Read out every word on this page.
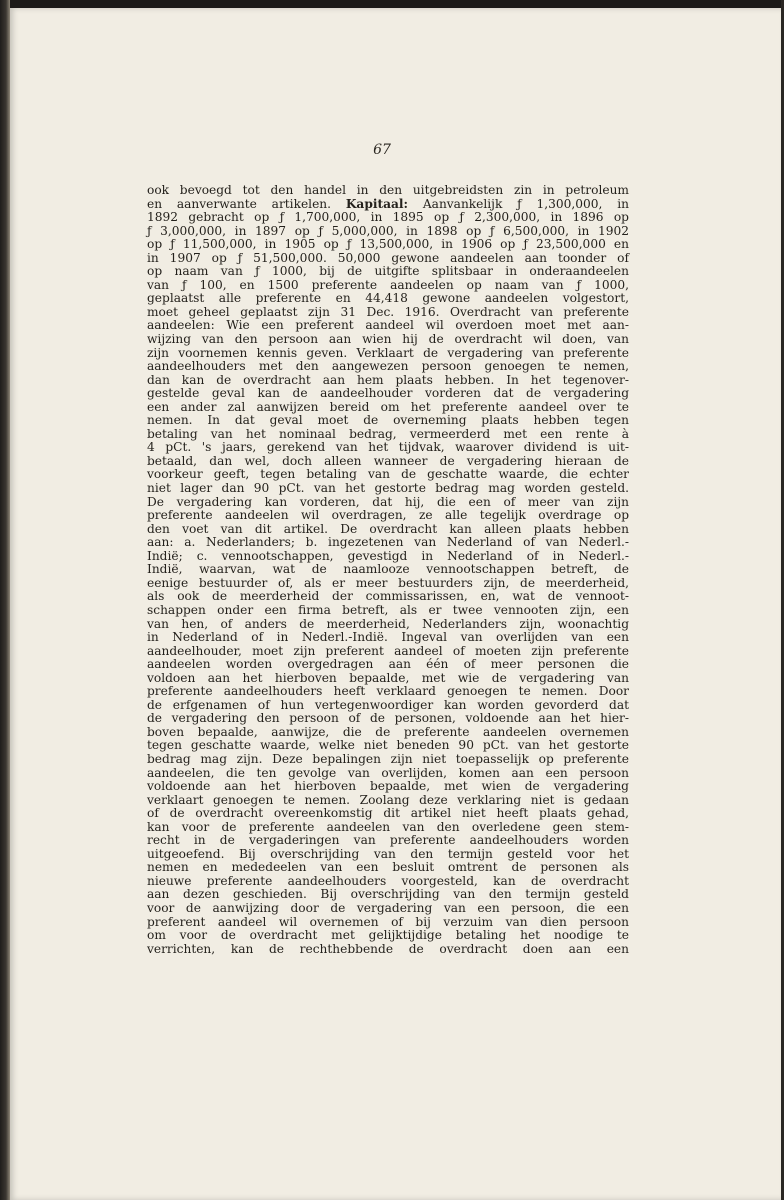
67
ook bevoegd tot den handel in den uitgebreidsten zin in petroleum
en aanverwante artikelen. Kapitaal: Aanvankelijk ƒ 1,300,000, in
1892 gebracht op ƒ 1,700,000, in 1895 op ƒ 2,300,000, in 1896 op
ƒ 3,000,000, in 1897 op ƒ 5,000,000, in 1898 op ƒ 6,500,000, in 1902
op ƒ 11,500,000, in 1905 op ƒ 13,500,000, in 1906 op ƒ 23,500,000 en
in 1907 op ƒ 51,500,000. 50,000 gewone aandeelen aan toonder of
op naam van ƒ 1000, bij de uitgifte splitsbaar in onderaandeelen
van ƒ 100, en 1500 preferente aandeelen op naam van ƒ 1000,
geplaatst alle preferente en 44,418 gewone aandeelen volgestort,
moet geheel geplaatst zijn 31 Dec. 1916. Overdracht van preferente
aandeelen: Wie een preferent aandeel wil overdoen moet met aan-
wijzing van den persoon aan wien hij de overdracht wil doen, van
zijn voornemen kennis geven. Verklaart de vergadering van preferente
aandeelhouders met den aangewezen persoon genoegen te nemen,
dan kan de overdracht aan hem plaats hebben. In het tegenover-
gestelde geval kan de aandeelhouder vorderen dat de vergadering
een ander zal aanwijzen bereid om het preferente aandeel over te
nemen. In dat geval moet de overneming plaats hebben tegen
betaling van het nominaal bedrag, vermeerderd met een rente à
4 pCt. 's jaars, gerekend van het tijdvak, waarover dividend is uit-
betaald, dan wel, doch alleen wanneer de vergadering hieraan de
voorkeur geeft, tegen betaling van de geschatte waarde, die echter
niet lager dan 90 pCt. van het gestorte bedrag mag worden gesteld.
De vergadering kan vorderen, dat hij, die een of meer van zijn
preferente aandeelen wil overdragen, ze alle tegelijk overdrage op
den voet van dit artikel. De overdracht kan alleen plaats hebben
aan: a. Nederlanders; b. ingezetenen van Nederland of van Nederl.-
Indië; c. vennootschappen, gevestigd in Nederland of in Nederl.-
Indië, waarvan, wat de naamlooze vennootschappen betreft, de
eenige bestuurder of, als er meer bestuurders zijn, de meerderheid,
als ook de meerderheid der commissarissen, en, wat de vennoot-
schappen onder een firma betreft, als er twee vennooten zijn, een
van hen, of anders de meerderheid, Nederlanders zijn, woonachtig
in Nederland of in Nederl.-Indië. Ingeval van overlijden van een
aandeelhouder, moet zijn preferent aandeel of moeten zijn preferente
aandeelen worden overgedragen aan één of meer personen die
voldoen aan het hierboven bepaalde, met wie de vergadering van
preferente aandeelhouders heeft verklaard genoegen te nemen. Door
de erfgenamen of hun vertegenwoordiger kan worden gevorderd dat
de vergadering den persoon of de personen, voldoende aan het hier-
boven bepaalde, aanwijze, die de preferente aandeelen overnemen
tegen geschatte waarde, welke niet beneden 90 pCt. van het gestorte
bedrag mag zijn. Deze bepalingen zijn niet toepasselijk op preferente
aandeelen, die ten gevolge van overlijden, komen aan een persoon
voldoende aan het hierboven bepaalde, met wien de vergadering
verklaart genoegen te nemen. Zoolang deze verklaring niet is gedaan
of de overdracht overeenkomstig dit artikel niet heeft plaats gehad,
kan voor de preferente aandeelen van den overledene geen stem-
recht in de vergaderingen van preferente aandeelhouders worden
uitgeoefend. Bij overschrijding van den termijn gesteld voor het
nemen en mededeelen van een besluit omtrent de personen als
nieuwe preferente aandeelhouders voorgesteld, kan de overdracht
aan dezen geschieden. Bij overschrijding van den termijn gesteld
voor de aanwijzing door de vergadering van een persoon, die een
preferent aandeel wil overnemen of bij verzuim van dien persoon
om voor de overdracht met gelijktijdige betaling het noodige te
verrichten, kan de rechthebbende de overdracht doen aan een
